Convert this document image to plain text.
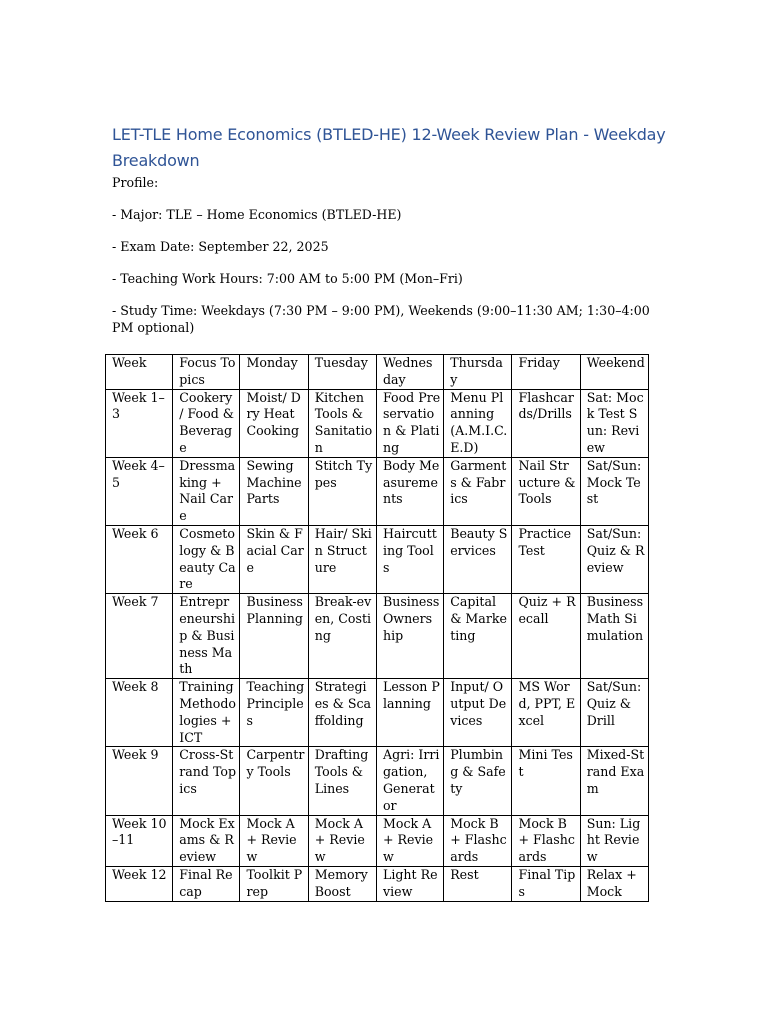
LET-TLE Home Economics (BTLED-HE) 12-Week Review Plan - Weekday Breakdown

Profile:

- Major: TLE – Home Economics (BTLED-HE)

- Exam Date: September 22, 2025

- Teaching Work Hours: 7:00 AM to 5:00 PM (Mon–Fri)

- Study Time: Weekdays (7:30 PM – 9:00 PM), Weekends (9:00–11:30 AM; 1:30–4:00 PM optional)

Week	Focus Topics	Monday	Tuesday	Wednesday	Thursday	Friday	Weekend
Week 1–3	Cookery / Food & Beverage	Moist/ Dry Heat Cooking	Kitchen Tools & Sanitation	Food Preservation & Plating	Menu Planning (A.M.I.C.E.D)	Flashcards/Drills	Sat: Mock Test Sun: Review
Week 4–5	Dressmaking + Nail Care	Sewing Machine Parts	Stitch Types	Body Measurements	Garments & Fabrics	Nail Structure & Tools	Sat/Sun: Mock Test
Week 6	Cosmetology & Beauty Care	Skin & Facial Care	Hair/ Skin Structure	Haircutting Tools	Beauty Services	Practice Test	Sat/Sun: Quiz & Review
Week 7	Entrepreneurship & Business Math	Business Planning	Break-even, Costing	Business Ownership	Capital & Marketing	Quiz + Recall	Business Math Simulation
Week 8	Training Methodologies + ICT	Teaching Principles	Strategies & Scaffolding	Lesson Planning	Input/ Output Devices	MS Word, PPT, Excel	Sat/Sun: Quiz & Drill
Week 9	Cross-Strand Topics	Carpentry Tools	Drafting Tools & Lines	Agri: Irrigation, Generator	Plumbing & Safety	Mini Test	Mixed-Strand Exam
Week 10–11	Mock Exams & Review	Mock A + Review	Mock A + Review	Mock A + Review	Mock B + Flashcards	Mock B + Flashcards	Sun: Light Review
Week 12	Final Recap	Toolkit Prep	Memory Boost	Light Review	Rest	Final Tips	Relax + Mock
